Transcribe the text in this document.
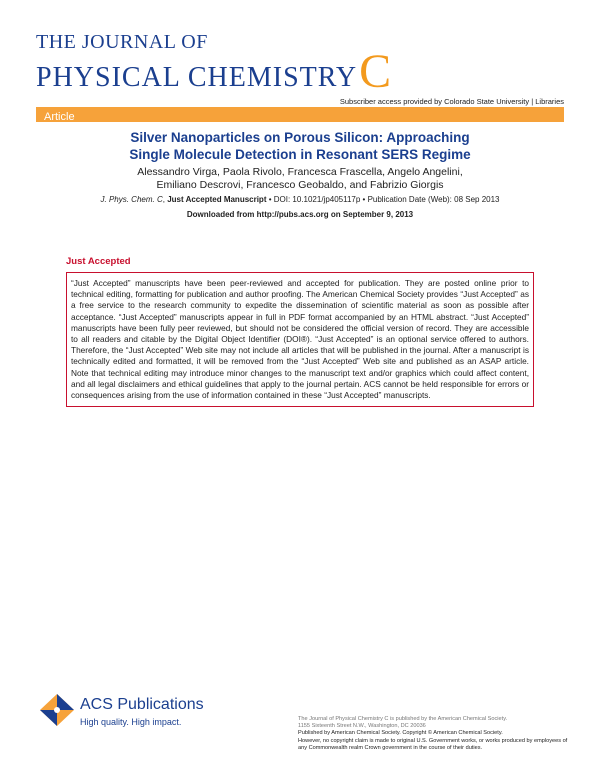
THE JOURNAL OF
PHYSICAL CHEMISTRY C
Subscriber access provided by Colorado State University | Libraries
Article
Silver Nanoparticles on Porous Silicon: Approaching
Single Molecule Detection in Resonant SERS Regime
Alessandro Virga, Paola Rivolo, Francesca Frascella, Angelo Angelini,
Emiliano Descrovi, Francesco Geobaldo, and Fabrizio Giorgis
J. Phys. Chem. C, Just Accepted Manuscript • DOI: 10.1021/jp405117p • Publication Date (Web): 08 Sep 2013
Downloaded from http://pubs.acs.org on September 9, 2013
Just Accepted
“Just Accepted” manuscripts have been peer-reviewed and accepted for publication. They are posted online prior to technical editing, formatting for publication and author proofing. The American Chemical Society provides “Just Accepted” as a free service to the research community to expedite the dissemination of scientific material as soon as possible after acceptance. “Just Accepted” manuscripts appear in full in PDF format accompanied by an HTML abstract. “Just Accepted” manuscripts have been fully peer reviewed, but should not be considered the official version of record. They are accessible to all readers and citable by the Digital Object Identifier (DOI®). “Just Accepted” is an optional service offered to authors. Therefore, the “Just Accepted” Web site may not include all articles that will be published in the journal. After a manuscript is technically edited and formatted, it will be removed from the “Just Accepted” Web site and published as an ASAP article. Note that technical editing may introduce minor changes to the manuscript text and/or graphics which could affect content, and all legal disclaimers and ethical guidelines that apply to the journal pertain. ACS cannot be held responsible for errors or consequences arising from the use of information contained in these “Just Accepted” manuscripts.
ACS Publications
High quality. High impact.	The Journal of Physical Chemistry C is published by the American Chemical Society.
1155 Sixteenth Street N.W., Washington, DC 20036
Published by American Chemical Society. Copyright © American Chemical Society.
However, no copyright claim is made to original U.S. Government works, or works produced by employees of any Commonwealth realm Crown government in the course of their duties.
